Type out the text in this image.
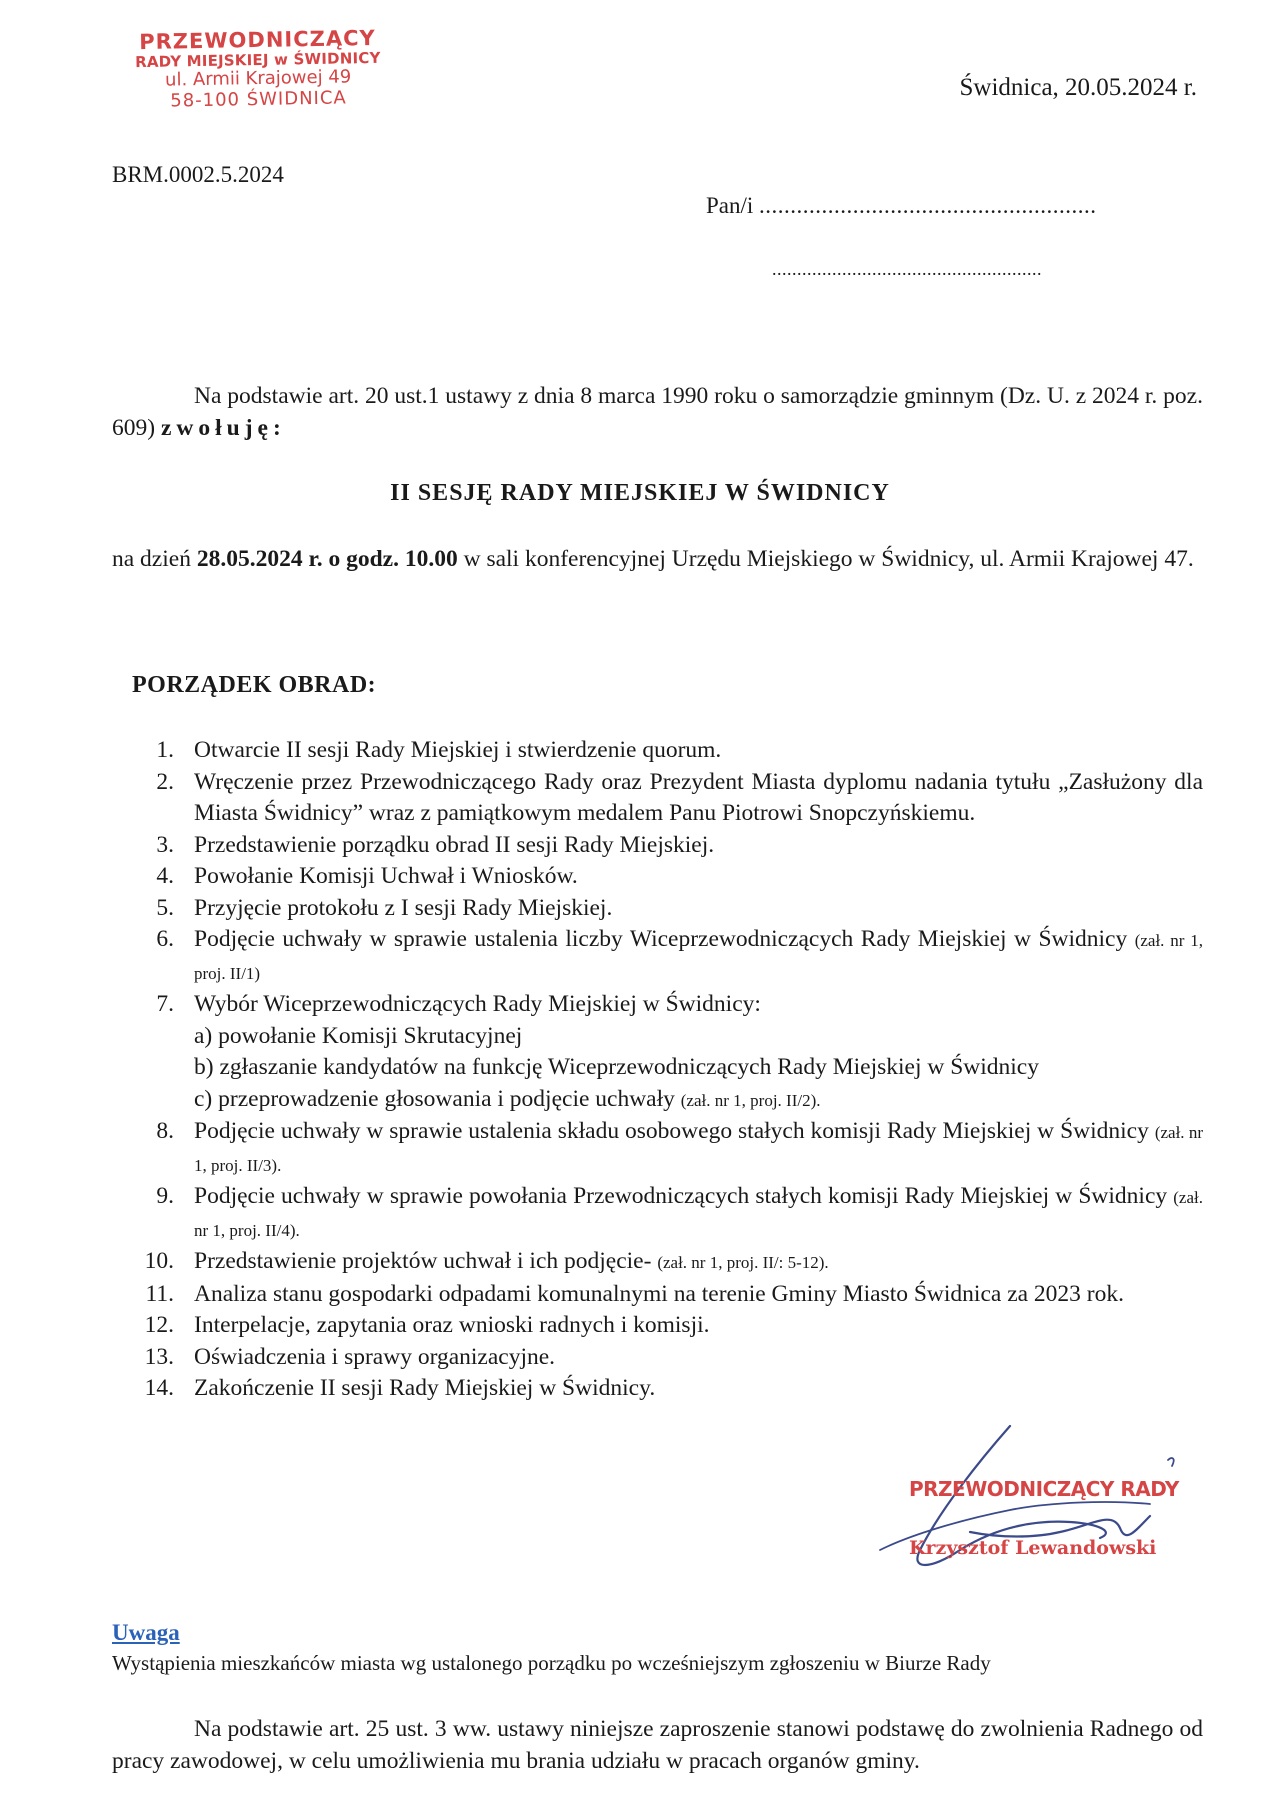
PRZEWODNICZĄCY
RADY MIEJSKIEJ w ŚWIDNICY
ul. Armii Krajowej 49
58-100 ŚWIDNICA	Świdnica, 20.05.2024 r.
BRM.0002.5.2024
Pan/i ......................................................
......................................................
Na podstawie art. 20 ust.1 ustawy z dnia 8 marca 1990 roku o samorządzie gminnym (Dz. U. z 2024 r. poz. 609) zwołuję:
II SESJĘ RADY MIEJSKIEJ W ŚWIDNICY
na dzień 28.05.2024 r. o godz. 10.00 w sali konferencyjnej Urzędu Miejskiego w Świdnicy, ul. Armii Krajowej 47.
PORZĄDEK OBRAD:
1. Otwarcie II sesji Rady Miejskiej i stwierdzenie quorum.
2. Wręczenie przez Przewodniczącego Rady oraz Prezydent Miasta dyplomu nadania tytułu „Zasłużony dla Miasta Świdnicy” wraz z pamiątkowym medalem Panu Piotrowi Snopczyńskiemu.
3. Przedstawienie porządku obrad II sesji Rady Miejskiej.
4. Powołanie Komisji Uchwał i Wniosków.
5. Przyjęcie protokołu z I sesji Rady Miejskiej.
6. Podjęcie uchwały w sprawie ustalenia liczby Wiceprzewodniczących Rady Miejskiej w Świdnicy (zał. nr 1, proj. II/1)
7. Wybór Wiceprzewodniczących Rady Miejskiej w Świdnicy:
a) powołanie Komisji Skrutacyjnej
b) zgłaszanie kandydatów na funkcję Wiceprzewodniczących Rady Miejskiej w Świdnicy
c) przeprowadzenie głosowania i podjęcie uchwały (zał. nr 1, proj. II/2).
8. Podjęcie uchwały w sprawie ustalenia składu osobowego stałych komisji Rady Miejskiej w Świdnicy (zał. nr 1, proj. II/3).
9. Podjęcie uchwały w sprawie powołania Przewodniczących stałych komisji Rady Miejskiej w Świdnicy (zał. nr 1, proj. II/4).
10. Przedstawienie projektów uchwał i ich podjęcie- (zał. nr 1, proj. II/: 5-12).
11. Analiza stanu gospodarki odpadami komunalnymi na terenie Gminy Miasto Świdnica za 2023 rok.
12. Interpelacje, zapytania oraz wnioski radnych i komisji.
13. Oświadczenia i sprawy organizacyjne.
14. Zakończenie II sesji Rady Miejskiej w Świdnicy.
PRZEWODNICZĄCY RADY
Krzysztof Lewandowski
Uwaga
Wystąpienia mieszkańców miasta wg ustalonego porządku po wcześniejszym zgłoszeniu w Biurze Rady
Na podstawie art. 25 ust. 3 ww. ustawy niniejsze zaproszenie stanowi podstawę do zwolnienia Radnego od pracy zawodowej, w celu umożliwienia mu brania udziału w pracach organów gminy.
